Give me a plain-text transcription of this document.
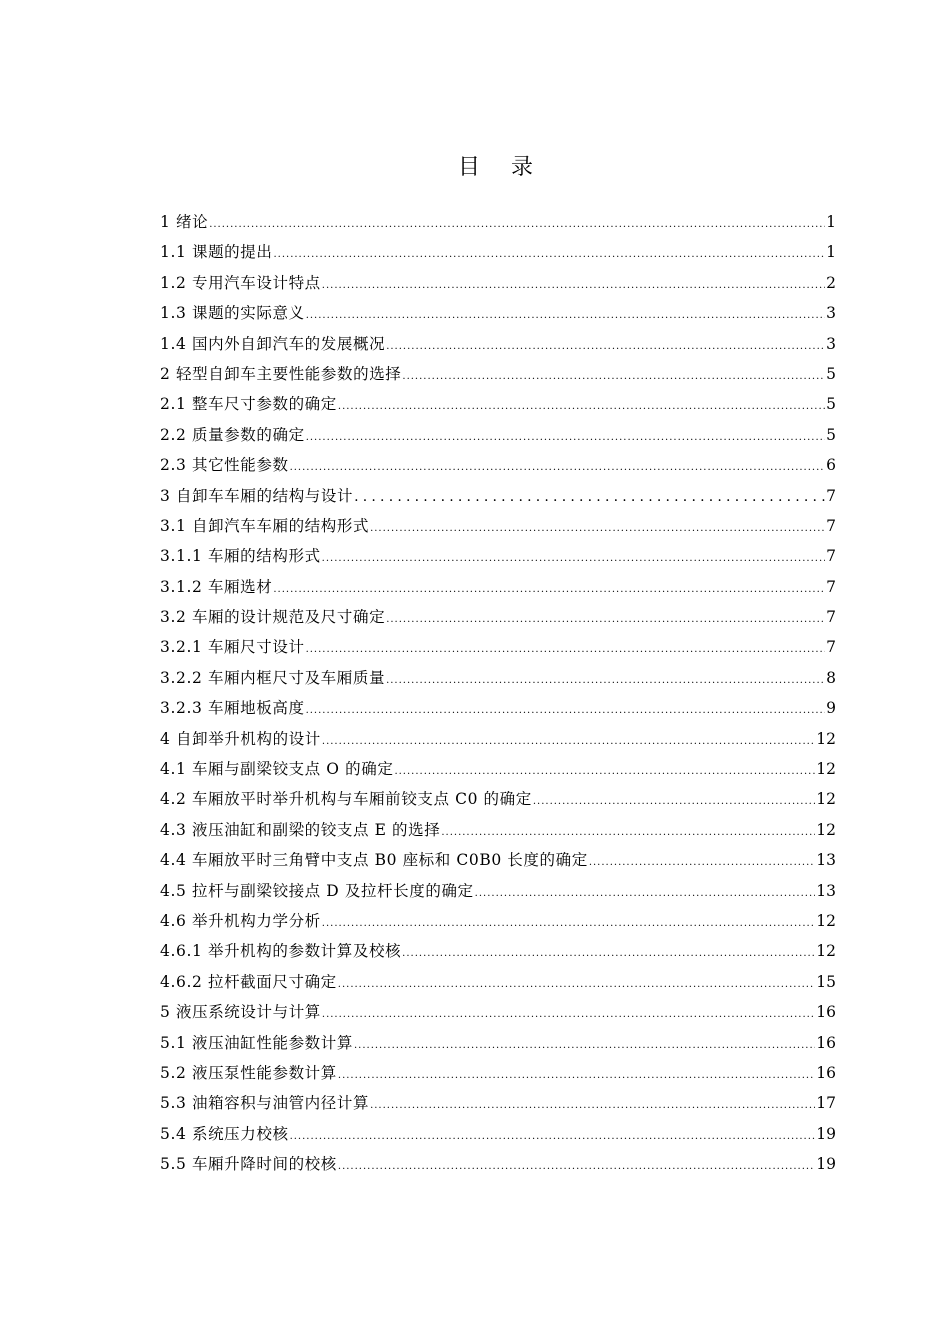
目 录
1 绪论 .....	1
1.1 课题的提出 .....	1
1.2 专用汽车设计特点 .....	2
1.3 课题的实际意义 .....	3
1.4 国内外自卸汽车的发展概况 .....	3
2 轻型自卸车主要性能参数的选择 .....	5
2.1 整车尺寸参数的确定 .....	5
2.2 质量参数的确定 .....	5
2.3 其它性能参数 .....	6
3 自卸车车厢的结构与设计 .....	7
3.1 自卸汽车车厢的结构形式 .....	7
3.1.1 车厢的结构形式 .....	7
3.1.2 车厢选材 .....	7
3.2 车厢的设计规范及尺寸确定 .....	7
3.2.1 车厢尺寸设计 .....	7
3.2.2 车厢内框尺寸及车厢质量 .....	8
3.2.3 车厢地板高度 .....	9
4 自卸举升机构的设计 .....	12
4.1 车厢与副梁铰支点 O 的确定 .....	12
4.2 车厢放平时举升机构与车厢前铰支点 C0 的确定 .....	12
4.3 液压油缸和副梁的铰支点 E 的选择 .....	12
4.4 车厢放平时三角臂中支点 B0 座标和 C0B0 长度的确定 .....	13
4.5 拉杆与副梁铰接点 D 及拉杆长度的确定 .....	13
4.6 举升机构力学分析 .....	12
4.6.1 举升机构的参数计算及校核 .....	12
4.6.2 拉杆截面尺寸确定 .....	15
5 液压系统设计与计算 .....	16
5.1 液压油缸性能参数计算 .....	16
5.2 液压泵性能参数计算 .....	16
5.3 油箱容积与油管内径计算 .....	17
5.4 系统压力校核 .....	19
5.5 车厢升降时间的校核 .....	19
